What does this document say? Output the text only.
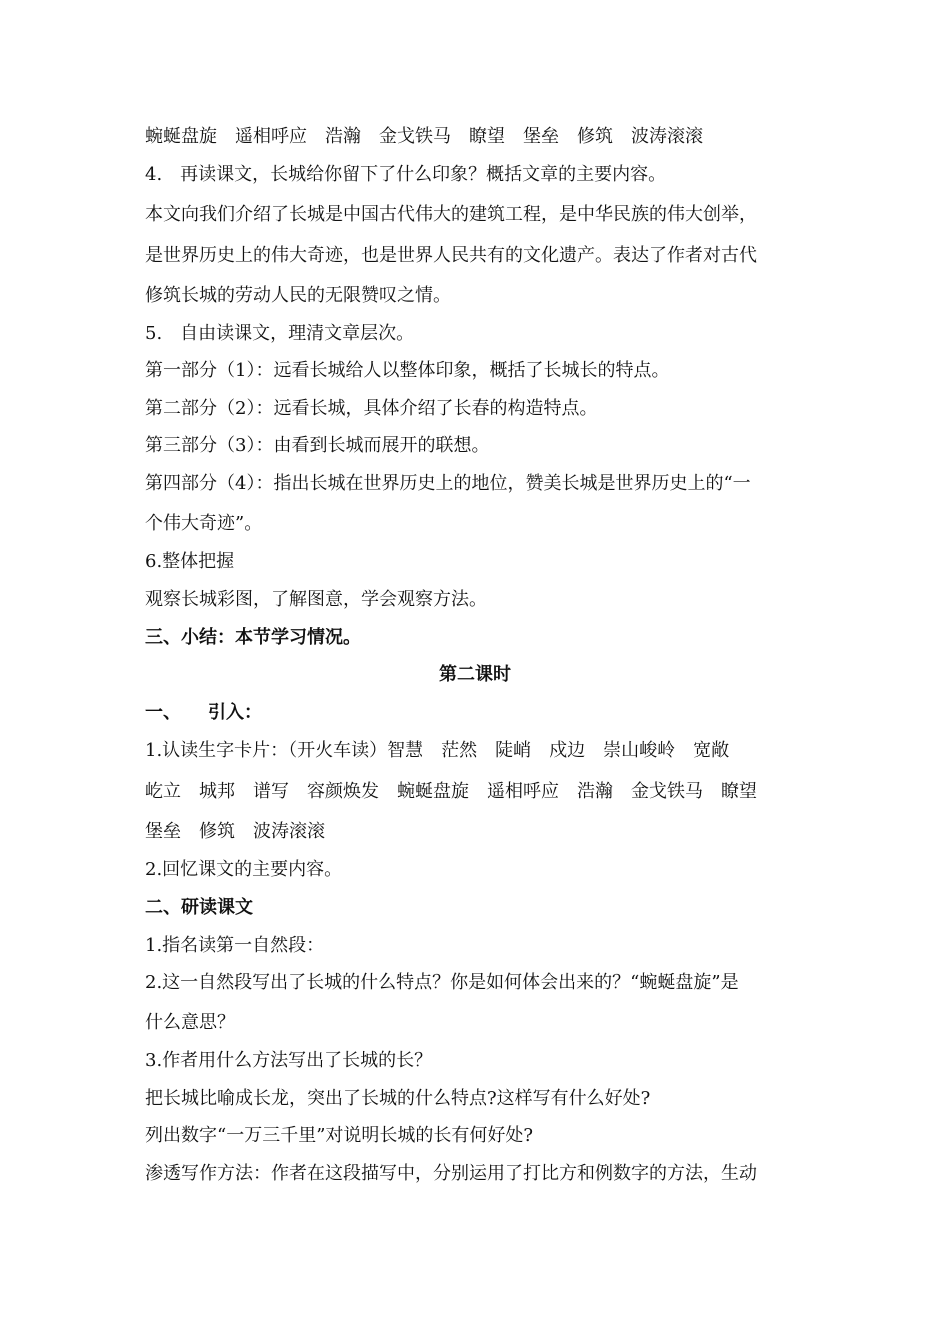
蜿蜒盘旋　遥相呼应　浩瀚　金戈铁马　瞭望　堡垒　修筑　波涛滚滚
4.　再读课文，长城给你留下了什么印象？概括文章的主要内容。
本文向我们介绍了长城是中国古代伟大的建筑工程，是中华民族的伟大创举，
是世界历史上的伟大奇迹，也是世界人民共有的文化遗产。表达了作者对古代
修筑长城的劳动人民的无限赞叹之情。
5.　自由读课文，理清文章层次。
第一部分（1）：远看长城给人以整体印象，概括了长城长的特点。
第二部分（2）：远看长城，具体介绍了长春的构造特点。
第三部分（3）：由看到长城而展开的联想。
第四部分（4）：指出长城在世界历史上的地位，赞美长城是世界历史上的“一
个伟大奇迹”。
6.整体把握
观察长城彩图，了解图意，学会观察方法。
三、小结：本节学习情况。
第二课时
一、　　引入：
1.认读生字卡片：（开火车读）智慧　茫然　陡峭　戍边　崇山峻岭　宽敞
屹立　城邦　谱写　容颜焕发　蜿蜒盘旋　遥相呼应　浩瀚　金戈铁马　瞭望
堡垒　修筑　波涛滚滚
2.回忆课文的主要内容。
二、研读课文
1.指名读第一自然段：
2.这一自然段写出了长城的什么特点？你是如何体会出来的？“蜿蜒盘旋”是
什么意思？
3.作者用什么方法写出了长城的长？
把长城比喻成长龙，突出了长城的什么特点?这样写有什么好处?
列出数字“一万三千里”对说明长城的长有何好处?
渗透写作方法：作者在这段描写中，分别运用了打比方和例数字的方法，生动
